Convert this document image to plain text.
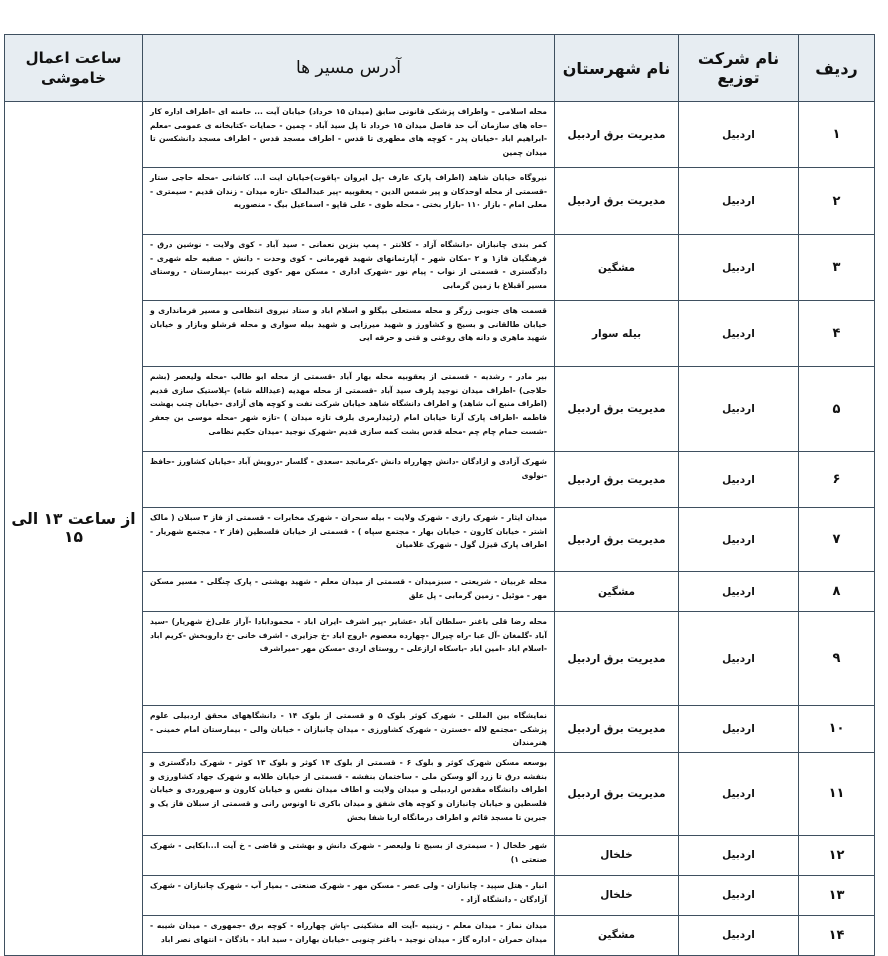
ردیف	نام شرکت توزیع	نام شهرستان	آدرس مسیر ها	ساعت اعمال خاموشی
۱	اردبیل	مدیریت برق اردبیل	محله اسلامی – واطراف پزشکی قانونی سابق (میدان ۱۵ خرداد) خیابان آیت ... حامنه ای –اطراف اداره کار –حاه های سازمان آب حد فاصل میدان ۱۵ خرداد تا پل سید آباد - چمین - حمایات -کتابخانه ی عمومی -معلم -ابراهیم اباد -خیابان پدر - کوچه های مطهری تا قدس - اطراف مسجد قدس - اطراف مسجد دانشکسن تا میدان چمین	از ساعت ۱۳ الی ۱۵
۲	اردبیل	مدیریت برق اردبیل	نیروگاه خیابان شاهد (اطراف پارک عارف -پل ایروان -پاقوت)خیابان ایت ا... کاشانی -محله حاجی ستار -قسمتی از محله اوحدکان و پیر شمس الدین - یعقوبیه -پیر عبدالملک -تازه میدان - زندان قدیم - سیمتری - معلی امام - بازار ۱۱۰ -بازار بختی - محله طوی - علی قاپو - اسماعیل بیگ - منصوریه	

۳	اردبیل	مشگین	کمر بندی چانبازان -دانشگاه آزاد - کلانتر - پمپ بنزین نعمانی - سید آباد - کوی ولایت - نوشین درق - فرهنگیان فاز۱ و ۲ -مکان شهر - آپارتمانهای شهید قهرمانی - کوی وحدت - دانش - صفیه حله شهری - دادگستری - قسمتی از نواب - پیام نور -شهرک اداری - مسکن مهر -کوی کیرنت -بیمارستان - روستای مسیر آقبلاغ با زمین گرمابی	

۴	اردبیل	بیله سوار	قسمت های جنوبی زرگر و محله مستعلی بیگلو و اسلام اباد و ستاد نیروی انتظامی و مسیر فرمانداری و خیابان طالقانی و بسیج و کشاورز و شهید میرزایی و شهید بیله سواری و محله قرشلو وبازار و خیابان شهید ماهری و دانه های روغنی و قنی و حرفه ایی	

۵	اردبیل	مدیریت برق اردبیل	بیر مادر - رشدیه - قسمتی از یعقوبیه محله بهار آباد -قسمتی از محله ابو طالب -محله ولیعصر (بشم حلاجی) -اطراف میدان نوجید پلرف سید آباد -قسمتی از محله مهدیه (عیدالله شاه) -پلاستیک سازی قدیم (اطراف منبع آب شاهد) و اطراف دانشگاه شاهد خیابان شرکت نفت و کوچه های آزادی -خیابان چنب بهشت فاطمه -اطراف پارک آرتا خیابان امام (رئیدارمری بلرف تازه میدان ) -تازه شهر -محله موسی بن جعفر -شست حمام چام چم -محله قدس بشت کمه سازی قدیم -شهرک نوجید -میدان حکیم نظامی	

۶	اردبیل	مدیریت برق اردبیل	شهرک آزادی و ازادگان -دانش چهارراه دانش -کرمانجد -سعدی - گلسار -درویش آباد -خیابان کشاورز -حافظ -نولوی	

۷	اردبیل	مدیریت برق اردبیل	میدان ایثار - شهرک رازی - شهرک ولایت - بیله سحران - شهرک مخابرات - قسمتی از فاز ۳ سبلان ( مالک اشتر - خیابان کارون - خیابان بهار - مجتمع سپاه ) - قسمتی از خیابان فلسطین (فاز ۲ - مجتمع شهریار - اطراف پارک قیزل گول - شهرک غلامیان	

۸	اردبیل	مشگین	محله غربیان - شریعتی - سبزمیدان - قسمتی از میدان معلم - شهید بهشتی - پارک چنگلی - مسیر مسکن مهر - موئیل - زمین گرمابی - پل علق	

۹	اردبیل	مدیریت برق اردبیل	محله رضا قلی باغنر -سلطان آباد -عشایر -پیر اشرف -ایران اباد - محمودابادا -آراز علی(خ شهریار) -سید آباد -گلمغان -آل عبا -راه چیرال -چهارده معصوم -اروج اباد -خ جزایری - اشرف خانی -خ داروبخش -کریم اباد -اسلام اباد -امین اباد -باسکاه ارازعلی - روستای اردی -مسکن مهر -میراشرف	

۱۰	اردبیل	مدیریت برق اردبیل	نمایشگاه بین المللی - شهرک کوثر بلوک ۵ و قسمتی از بلوک ۱۴ - دانشگاههای محقق اردبیلی علوم پزشکی -مجتمع لاله -خسترن - شهرک کشاورزی - میدان چانبازان - خیابان والی - بیمارستان امام خمینی - هنرمندان	

۱۱	اردبیل	مدیریت برق اردبیل	بوسعه مسکن شهرک کوثر و بلوک ۶ - قسمتی از بلوک ۱۴ کوثر و بلوک ۱۳ کوثر - شهرک دادگستری و بنفشه درق تا زرد آلو وسکن ملی - ساختمان بنفشه - قسمتی از خیابان طلابه و شهرک جهاد کشاورزی و اطراف دانشگاه مقدس اردبیلی و میدان ولایت و اطاف میدان نفس و خیابان کارون و سهروردی و خیابان فلسطین و خیابان چانبازان و کوچه های شفق و میدان باکری تا اونوس رانی و قسمتی از سبلان فاز یک و جبرین تا مسجد قائم و اطراف درمانگاه اربا شفا بخش	

۱۲	اردبیل	خلخال	شهر خلخال ( - سیمتری از بسیج تا ولیعصر - شهرک دانش و بهشتی و قاضی - خ آیت ا...ابکایی - شهرک صنعتی ۱)	

۱۳	اردبیل	خلخال	انبار - هتل سپید - چانبازان - ولی عصر - مسکن مهر - شهرک صنعتی - بمیار آب - شهرک چانبازان - شهرک آزادگان - دانشگاه آزاد -	

۱۴	اردبیل	مشگین	میدان نماز - میدان معلم - زینبیه -آیت اله مشکینی -پاش چهارراه - کوچه برق -جمهوری - میدان شیبه - میدان حمران - اداره گاز - میدان نوجید - باغنر چنوبی -خیابان بهاران - سید اباد - باذگان - انتهای نصر اباد	
